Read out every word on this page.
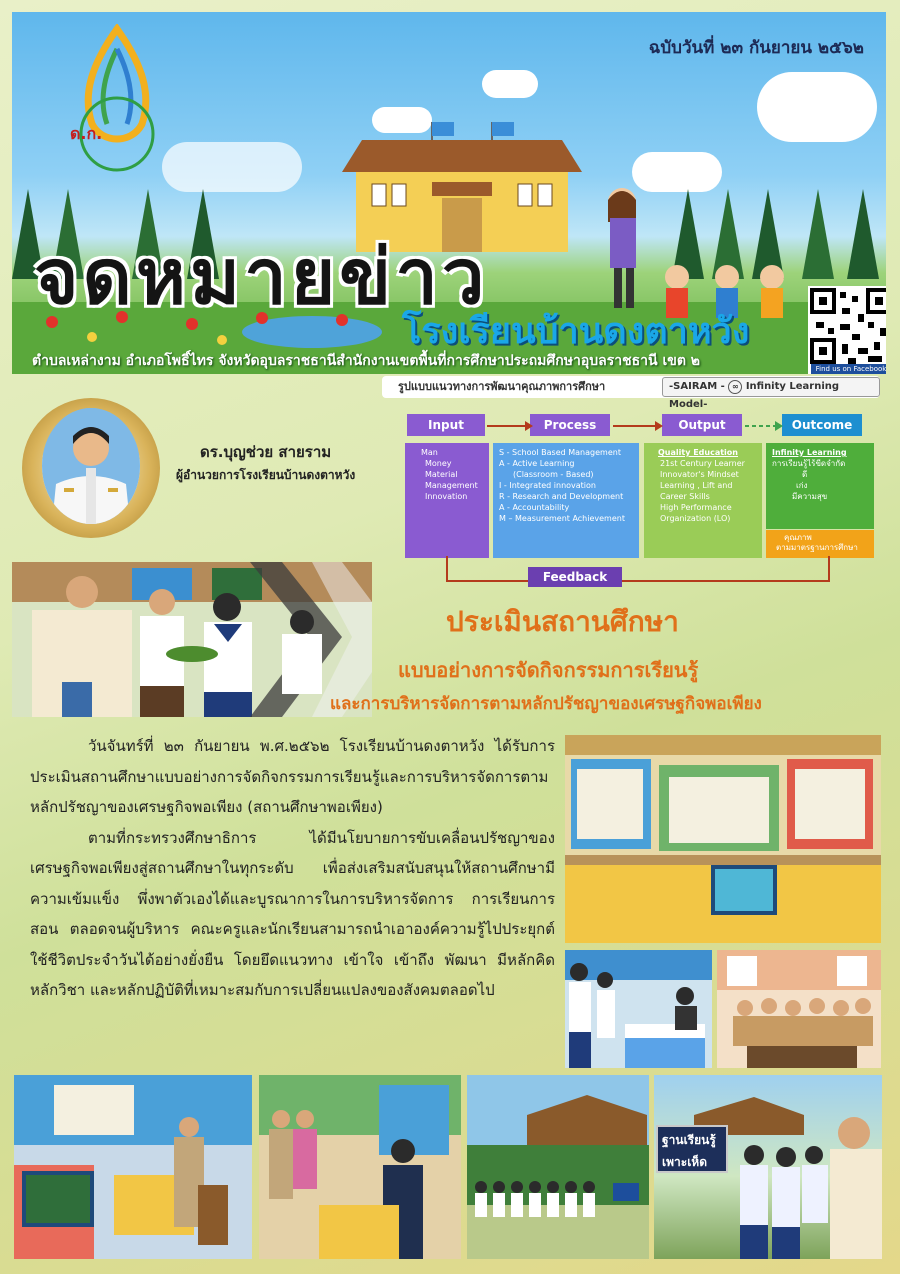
ด.ก.
ฉบับวันที่ ๒๓ กันยายน ๒๕๖๒
จดหมายข่าว
โรงเรียนบ้านดงตาหวัง
ตำบลเหล่างาม อำเภอโพธิ์ไทร จังหวัดอุบลราชธานีสำนักงานเขตพื้นที่การศึกษาประถมศึกษาอุบลราชธานี เขต ๒	Find us on Facebook
ดร.บุญช่วย สายราม
ผู้อำนวยการโรงเรียนบ้านดงตาหวัง
รูปแบบแนวทางการพัฒนาคุณภาพการศึกษา	-SAIRAM - ∞ Infinity Learning Model-
Input	Process	Output	Outcome
Man
Money
Material
Management
Innovation
S - School Based Management
A - Active Learning
(Classroom - Based)
I - Integrated innovation
R - Research and Development
A - Accountability
M – Measurement Achievement
Quality Education
21st Century Learner
Innovator's Mindset
Learning , Lift and Career Skills
High Performance Organization (LO)
Infinity Learning
การเรียนรู้ไร้ขีดจำกัด
ดี
เก่ง
มีความสุข
คุณภาพ
ตามมาตรฐานการศึกษา
Feedback
ประเมินสถานศึกษา
แบบอย่างการจัดกิจกรรมการเรียนรู้
และการบริหารจัดการตามหลักปรัชญาของเศรษฐกิจพอเพียง

วันจันทร์ที่ ๒๓ กันยายน พ.ศ.๒๕๖๒ โรงเรียนบ้านดงตาหวัง ได้รับการประเมินสถานศึกษาแบบอย่างการจัดกิจกรรมการเรียนรู้และการบริหารจัดการตามหลักปรัชญาของเศรษฐกิจพอเพียง (สถานศึกษาพอเพียง)

ตามที่กระทรวงศึกษาธิการ ได้มีนโยบายการขับเคลื่อนปรัชญาของเศรษฐกิจพอเพียงสู่สถานศึกษาในทุกระดับ เพื่อส่งเสริมสนับสนุนให้สถานศึกษามีความเข้มแข็ง พึ่งพาตัวเองได้และบูรณาการในการบริหารจัดการ การเรียนการสอน ตลอดจนผู้บริหาร คณะครูและนักเรียนสามารถนำเอาองค์ความรู้ไปประยุกต์ใช้ชีวิตประจำวันได้อย่างยั่งยืน โดยยึดแนวทาง เข้าใจ เข้าถึง พัฒนา มีหลักคิด หลักวิชา และหลักปฏิบัติที่เหมาะสมกับการเปลี่ยนแปลงของสังคมตลอดไป

ฐานเรียนรู้ เพาะเห็ด
